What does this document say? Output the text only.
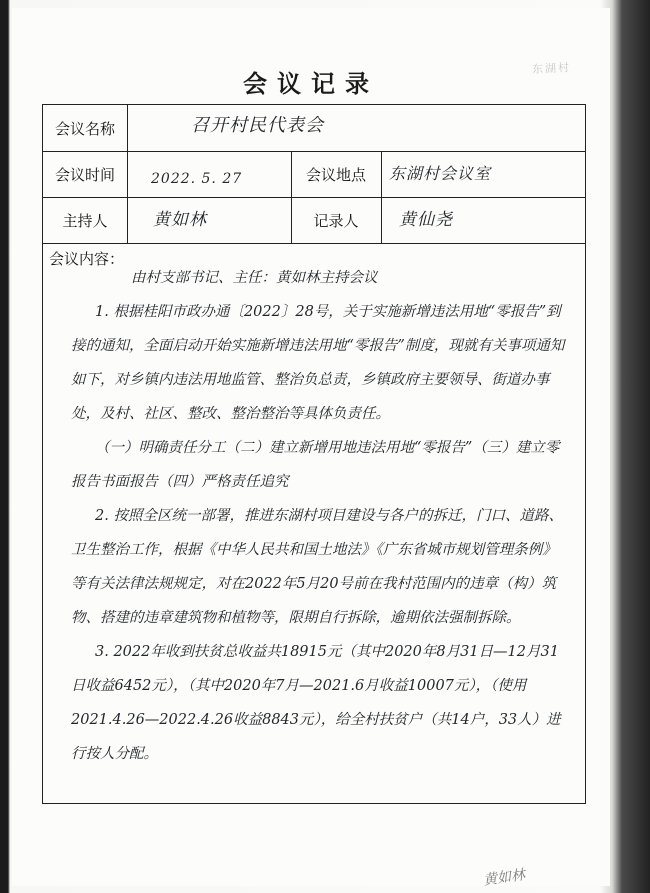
东湖村
会议记录
会议名称	召开村民代表会
会议时间	2022. 5. 27	会议地点	东湖村会议室
主持人	黄如林	记录人	黄仙尧
会议内容：

由村支部书记、主任：黄如林主持会议

1. 根据桂阳市政办通〔2022〕28号，关于实施新增违法用地“零报告”到接的通知，全面启动开始实施新增违法用地“零报告”制度，现就有关事项通知如下，对乡镇内违法用地监管、整治负总责，乡镇政府主要领导、街道办事处，及村、社区、整改、整治整治等具体负责任。

（一）明确责任分工（二）建立新增用地违法用地“零报告”（三）建立零报告书面报告（四）严格责任追究

2. 按照全区统一部署，推进东湖村项目建设与各户的拆迁，门口、道路、卫生整治工作，根据《中华人民共和国土地法》《广东省城市规划管理条例》等有关法律法规规定，对在2022年5月20号前在我村范围内的违章（构）筑物、搭建的违章建筑物和植物等，限期自行拆除，逾期依法强制拆除。

3. 2022年收到扶贫总收益共18915元（其中2020年8月31日—12月31日收益6452元），（其中2020年7月—2021.6月收益10007元），（使用2021.4.26—2022.4.26收益8843元），给全村扶贫户（共14户，33人）进行按人分配。

黄如林
